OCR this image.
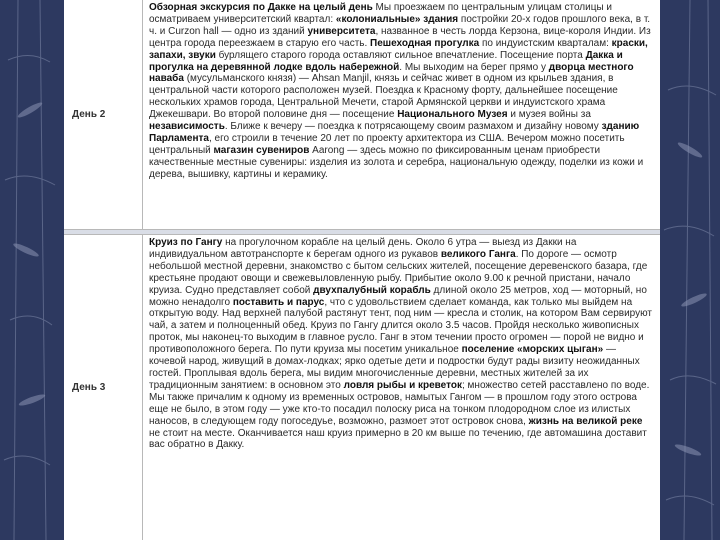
День 2
Обзорная экскурсия по Дакке на целый день Мы проезжаем по центральным улицам столицы и осматриваем университетский квартал: «колониальные» здания постройки 20-х годов прошлого века, в т. ч. и Curzon hall — одно из зданий университета, названное в честь лорда Керзона, вице-короля Индии. Из центра города переезжаем в старую его часть. Пешеходная прогулка по индуистским кварталам: краски, запахи, звуки бурлящего старого города оставляют сильное впечатление. Посещение порта Дакка и прогулка на деревянной лодке вдоль набережной. Мы выходим на берег прямо у дворца местного наваба (мусульманского князя) — Ahsan Manjil, князь и сейчас живет в одном из крыльев здания, в центральной части которого расположен музей. Поездка к Красному форту, дальнейшее посещение нескольких храмов города, Центральной Мечети, старой Армянской церкви и индуистского храма Джекешвари. Во второй половине дня — посещение Национального Музея и музея войны за независимость. Ближе к вечеру — поездка к потрясающему своим размахом и дизайну новому зданию Парламента, его строили в течение 20 лет по проекту архитектора из США. Вечером можно посетить центральный магазин сувениров Aarong — здесь можно по фиксированным ценам приобрести качественные местные сувениры: изделия из золота и серебра, национальную одежду, поделки из кожи и дерева, вышивку, картины и керамику.
День 3
Круиз по Гангу на прогулочном корабле на целый день. Около 6 утра — выезд из Дакки на индивидуальном автотранспорте к берегам одного из рукавов великого Ганга. По дороге — осмотр небольшой местной деревни, знакомство с бытом сельских жителей, посещение деревенского базара, где крестьяне продают овощи и свежевыловленную рыбу. Прибытие около 9.00 к речной пристани, начало круиза. Судно представляет собой двухпалубный корабль длиной около 25 метров, ход — моторный, но можно ненадолго поставить и парус, что с удовольствием сделает команда, как только мы выйдем на открытую воду. Над верхней палубой растянут тент, под ним — кресла и столик, на котором Вам сервируют чай, а затем и полноценный обед. Круиз по Гангу длится около 3.5 часов. Пройдя несколько живописных проток, мы наконец-то выходим в главное русло. Ганг в этом течении просто огромен — порой не видно и противоположного берега. По пути круиза мы посетим уникальное поселение «морских цыган» — кочевой народ, живущий в домах-лодках; ярко одетые дети и подростки будут рады визиту неожиданных гостей. Проплывая вдоль берега, мы видим многочисленные деревни, местных жителей за их традиционным занятием: в основном это ловля рыбы и креветок; множество сетей расставлено по воде. Мы также причалим к одному из временных островов, намытых Гангом — в прошлом году этого острова еще не было, в этом году — уже кто-то посадил полоску риса на тонком плодородном слое из илистых наносов, в следующем году погоседуье, возможно, размоет этот островок снова, жизнь на великой реке не стоит на месте. Оканчивается наш круиз примерно в 20 км выше по течению, где автомашина доставит вас обратно в Дакку.
